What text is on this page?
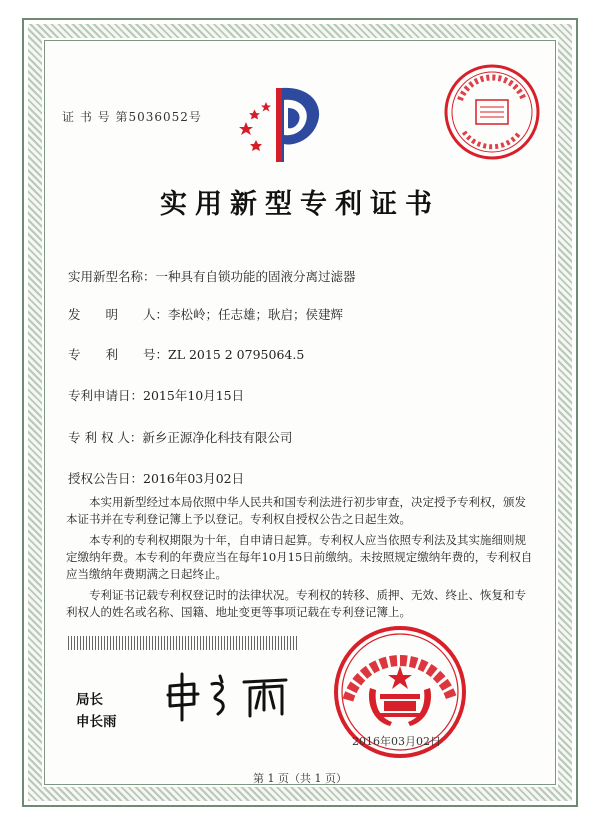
证 书 号 第5036052号
实用新型专利证书
实用新型名称：一种具有自锁功能的固液分离过滤器
发　　明　　人：李松岭；任志雄；耿启；侯建辉
专　　利　　号：ZL 2015 2 0795064.5
专利申请日：2015年10月15日
专 利 权 人：新乡正源净化科技有限公司
授权公告日：2016年03月02日

本实用新型经过本局依照中华人民共和国专利法进行初步审查，决定授予专利权，颁发本证书并在专利登记簿上予以登记。专利权自授权公告之日起生效。

本专利的专利权期限为十年，自申请日起算。专利权人应当依照专利法及其实施细则规定缴纳年费。本专利的年费应当在每年10月15日前缴纳。未按照规定缴纳年费的，专利权自应当缴纳年费期满之日起终止。

专利证书记载专利权登记时的法律状况。专利权的转移、质押、无效、终止、恢复和专利权人的姓名或名称、国籍、地址变更等事项记载在专利登记簿上。

局长
申长雨
2016年03月02日
第 1 页（共 1 页）
